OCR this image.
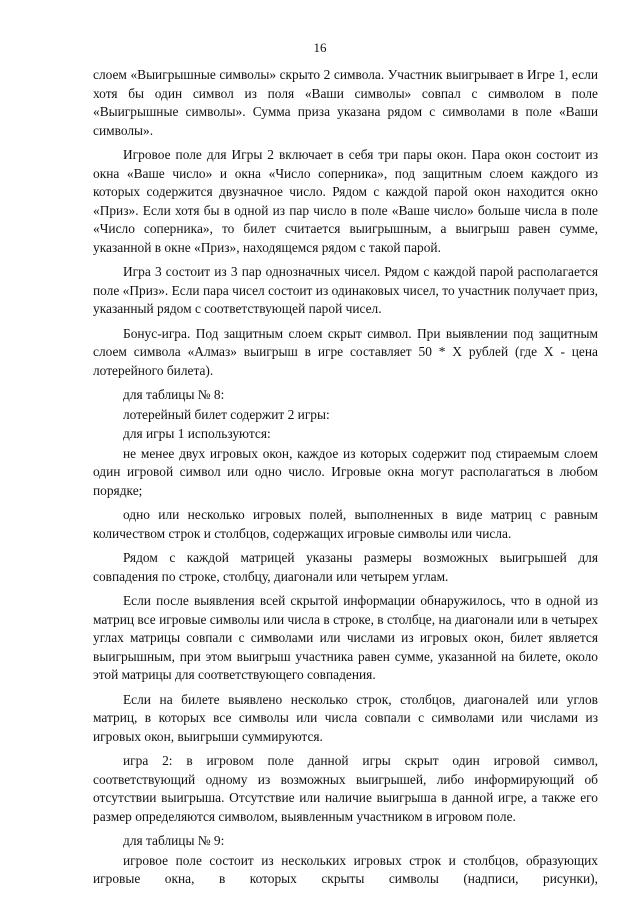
16

слоем «Выигрышные символы» скрыто 2 символа. Участник выигрывает в Игре 1, если хотя бы один символ из поля «Ваши символы» совпал с символом в поле «Выигрышные символы». Сумма приза указана рядом с символами в поле «Ваши символы».

Игровое поле для Игры 2 включает в себя три пары окон. Пара окон состоит из окна «Ваше число» и окна «Число соперника», под защитным слоем каждого из которых содержится двузначное число. Рядом с каждой парой окон находится окно «Приз». Если хотя бы в одной из пар число в поле «Ваше число» больше числа в поле «Число соперника», то билет считается выигрышным, а выигрыш равен сумме, указанной в окне «Приз», находящемся рядом с такой парой.

Игра 3 состоит из 3 пар однозначных чисел. Рядом с каждой парой располагается поле «Приз». Если пара чисел состоит из одинаковых чисел, то участник получает приз, указанный рядом с соответствующей парой чисел.

Бонус-игра. Под защитным слоем скрыт символ. При выявлении под защитным слоем символа «Алмаз» выигрыш в игре составляет 50 * X рублей (где X - цена лотерейного билета).

для таблицы № 8:

лотерейный билет содержит 2 игры:

для игры 1 используются:

не менее двух игровых окон, каждое из которых содержит под стираемым слоем один игровой символ или одно число. Игровые окна могут располагаться в любом порядке;

одно или несколько игровых полей, выполненных в виде матриц с равным количеством строк и столбцов, содержащих игровые символы или числа.

Рядом с каждой матрицей указаны размеры возможных выигрышей для совпадения по строке, столбцу, диагонали или четырем углам.

Если после выявления всей скрытой информации обнаружилось, что в одной из матриц все игровые символы или числа в строке, в столбце, на диагонали или в четырех углах матрицы совпали с символами или числами из игровых окон, билет является выигрышным, при этом выигрыш участника равен сумме, указанной на билете, около этой матрицы для соответствующего совпадения.

Если на билете выявлено несколько строк, столбцов, диагоналей или углов матриц, в которых все символы или числа совпали с символами или числами из игровых окон, выигрыши суммируются.

игра 2: в игровом поле данной игры скрыт один игровой символ, соответствующий одному из возможных выигрышей, либо информирующий об отсутствии выигрыша. Отсутствие или наличие выигрыша в данной игре, а также его размер определяются символом, выявленным участником в игровом поле.

для таблицы № 9:

игровое поле состоит из нескольких игровых строк и столбцов, образующих игровые окна, в которых скрыты символы (надписи, рисунки),
